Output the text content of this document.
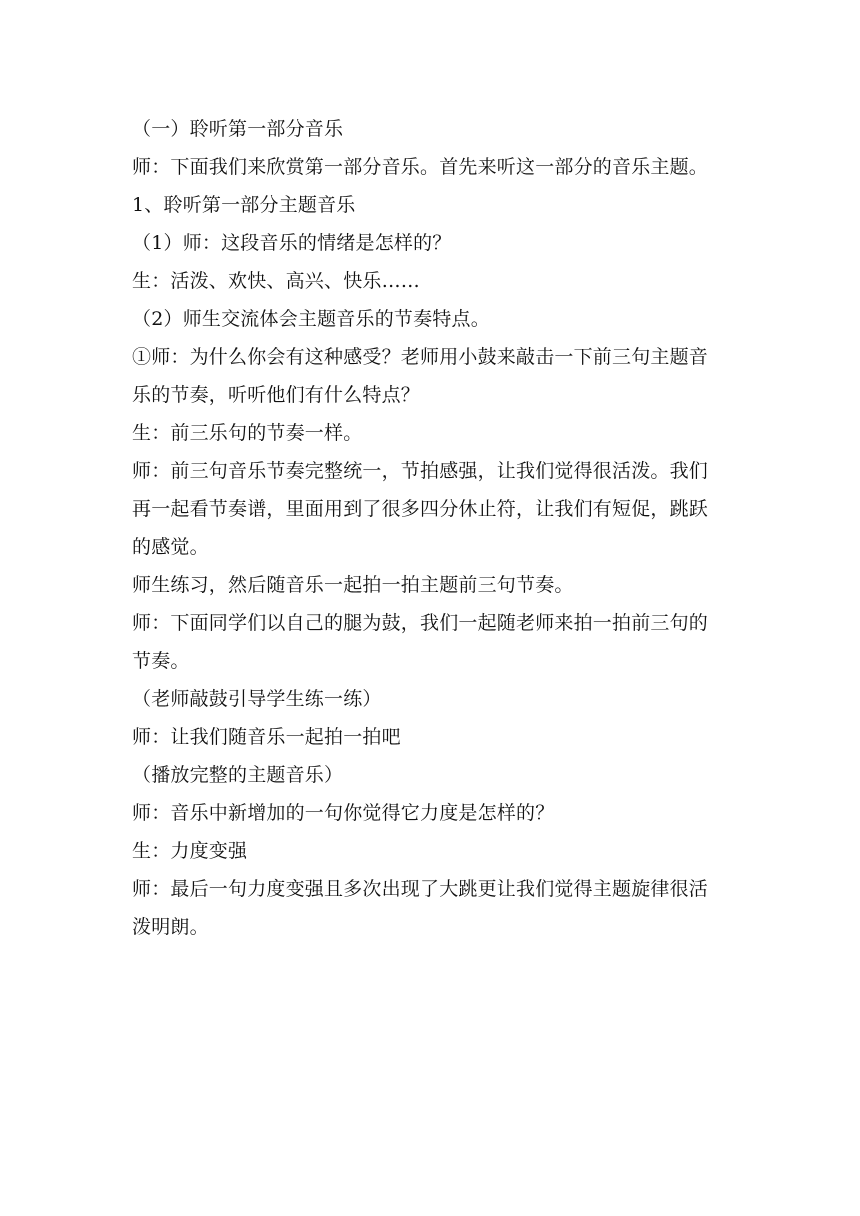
（一）聆听第一部分音乐
师：下面我们来欣赏第一部分音乐。首先来听这一部分的音乐主题。
1、聆听第一部分主题音乐
（1）师：这段音乐的情绪是怎样的？
生：活泼、欢快、高兴、快乐……
（2）师生交流体会主题音乐的节奏特点。
①师：为什么你会有这种感受？老师用小鼓来敲击一下前三句主题音
乐的节奏，听听他们有什么特点？
生：前三乐句的节奏一样。
师：前三句音乐节奏完整统一，节拍感强，让我们觉得很活泼。我们
再一起看节奏谱，里面用到了很多四分休止符，让我们有短促，跳跃
的感觉。
师生练习，然后随音乐一起拍一拍主题前三句节奏。
师：下面同学们以自己的腿为鼓，我们一起随老师来拍一拍前三句的
节奏。
（老师敲鼓引导学生练一练）
师：让我们随音乐一起拍一拍吧
（播放完整的主题音乐）
师：音乐中新增加的一句你觉得它力度是怎样的？
生：力度变强
师：最后一句力度变强且多次出现了大跳更让我们觉得主题旋律很活
泼明朗。
